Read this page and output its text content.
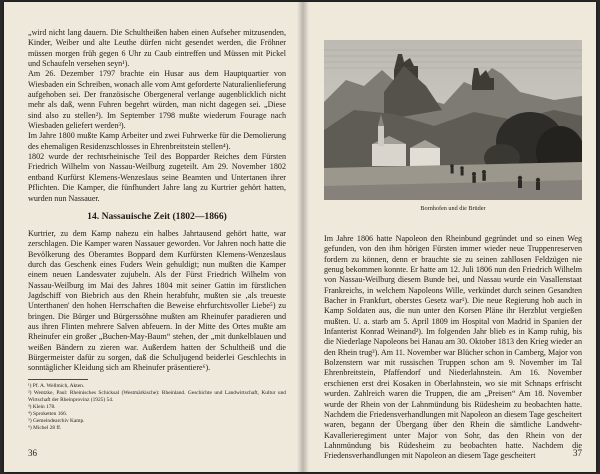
„wird nicht lang dauern. Die Schultheißen haben einen Aufseher mitzusenden, Kinder, Weiber und alte Leuthe dürfen nicht gesendet werden, die Fröhner müssen morgen früh gegen 6 Uhr zu Caub eintreffen und Müssen mit Pickel und Schaufeln versehen seyn¹).

Am 26. Dezember 1797 brachte ein Husar aus dem Hauptquartier von Wiesbaden ein Schreiben, wonach alle vom Amt geforderte Naturalienlieferung aufgehoben sei. Der französische Obergeneral verlange augenblicklich nicht mehr als daß, wenn Fuhren begehrt würden, man nicht dagegen sei. „Diese sind also zu stellen²). Im September 1798 mußte wiederum Fourage nach Wiesbaden geliefert werden³).

Im Jahre 1800 mußte Kamp Arbeiter und zwei Fuhrwerke für die Demolierung des ehemaligen Residenzschlosses in Ehrenbreitstein stellen⁴).

1802 wurde der rechtsrheinische Teil des Bopparder Reiches dem Fürsten Friedrich Wilhelm von Nassau-Weilburg zugeteilt. Am 29. November 1802 entband Kurfürst Klemens-Wenzeslaus seine Beamten und Untertanen ihrer Pflichten. Die Kamper, die fünfhundert Jahre lang zu Kurtrier gehört hatten, wurden nun Nassauer.

14. Nassauische Zeit (1802—1866)

Kurtrier, zu dem Kamp nahezu ein halbes Jahrtausend gehört hatte, war zerschlagen. Die Kamper waren Nassauer geworden. Vor Jahren noch hatte die Bevölkerung des Oberamtes Boppard dem Kurfürsten Klemens-Wenzeslaus durch das Geschenk eines Fuders Wein gehuldigt; nun mußten die Kamper einem neuen Landesvater zujubeln. Als der Fürst Friedrich Wilhelm von Nassau-Weilburg im Mai des Jahres 1804 mit seiner Gattin im fürstlichen Jagdschiff von Biebrich aus den Rhein herabfuhr, mußten sie ‚als treueste Unterthanen' den hohen Herrschaften die Beweise ehrfurchtsvoller Liebe⁵) zu bringen. Die Bürger und Bürgerssöhne mußten am Rheinufer paradieren und aus ihren Flinten mehrere Salven abfeuern. In der Mitte des Ortes mußte am Rheinufer ein großer „Buchen-May-Baum“ stehen, der „mit dunkelblauen und weißen Bändern zu zieren war. Außerdem hatten der Schultheiß und die Bürgermeister dafür zu sorgen, daß die Schuljugend beiderlei Geschlechts in sonntäglicher Kleidung sich am Rheinufer präsentiere⁶).

¹) Pf. A. Wellmich, Akten.

²) Wentzke, Paul: Rheinisches Schicksal (Westmärkische): Rheinland. Geschichte und Landwirtschaft, Kultur und Wirtschaft der Rheinprovinz (1925) 54.

³) Klein 178.

⁴) Sproketten 166.

⁵) Gemeindearchiv Kamp.

⁶) Michel 28 ff.

36
Bornhofen und die Brüder

Im Jahre 1806 hatte Napoleon den Rheinbund gegründet und so einen Weg gefunden, von den ihm hörigen Fürsten immer wieder neue Truppenreserven fordern zu können, denn er brauchte sie zu seinen zahllosen Feldzügen nie genug bekommen konnte. Er hatte am 12. Juli 1806 nun den Friedrich Wilhelm von Nassau-Weilburg diesem Bunde bei, und Nassau wurde ein Vasallenstaat Frankreichs, in welchem Napoleons Wille, verkündet durch seinen Gesandten Bacher in Frankfurt, oberstes Gesetz war¹). Die neue Regierung hob auch in Kamp Soldaten aus, die nun unter den Korsen Pläne ihr Herzblut vergießen mußten. U. a. starb am 5. April 1809 im Hospital von Madrid in Spanien der Infanterist Konrad Weinand²). Im folgenden Jahr blieb es in Kamp ruhig, bis die Niederlage Napoleons bei Hanau am 30. Oktober 1813 den Krieg wieder an den Rhein trug³). Am 11. November war Blücher schon in Camberg, Major von Bolzenstern war mit russischen Truppen schon am 9. November im Tal Ehrenbreitstein, Pfaffendorf und Niederlahnstein. Am 16. November erschienen erst drei Kosaken in Oberlahnstein, wo sie mit Schnaps erfrischt wurden. Zahlreich waren die Truppen, die am „Preisen“ Am 18. November wurde der Rhein von der Lahnmündung bis Rüdesheim zu beobachten hatte. Nachdem die Friedensverhandlungen mit Napoleon an diesem Tage gescheitert waren, begann der Übergang über den Rhein die sämtliche Landwehr-Kavallerieregiment unter Major von Sohr, das den Rhein von der Lahnmündung bis Rüdesheim zu beobachten hatte. Nachdem die Friedensverhandlungen mit Napoleon an diesem Tage gescheitert	37
